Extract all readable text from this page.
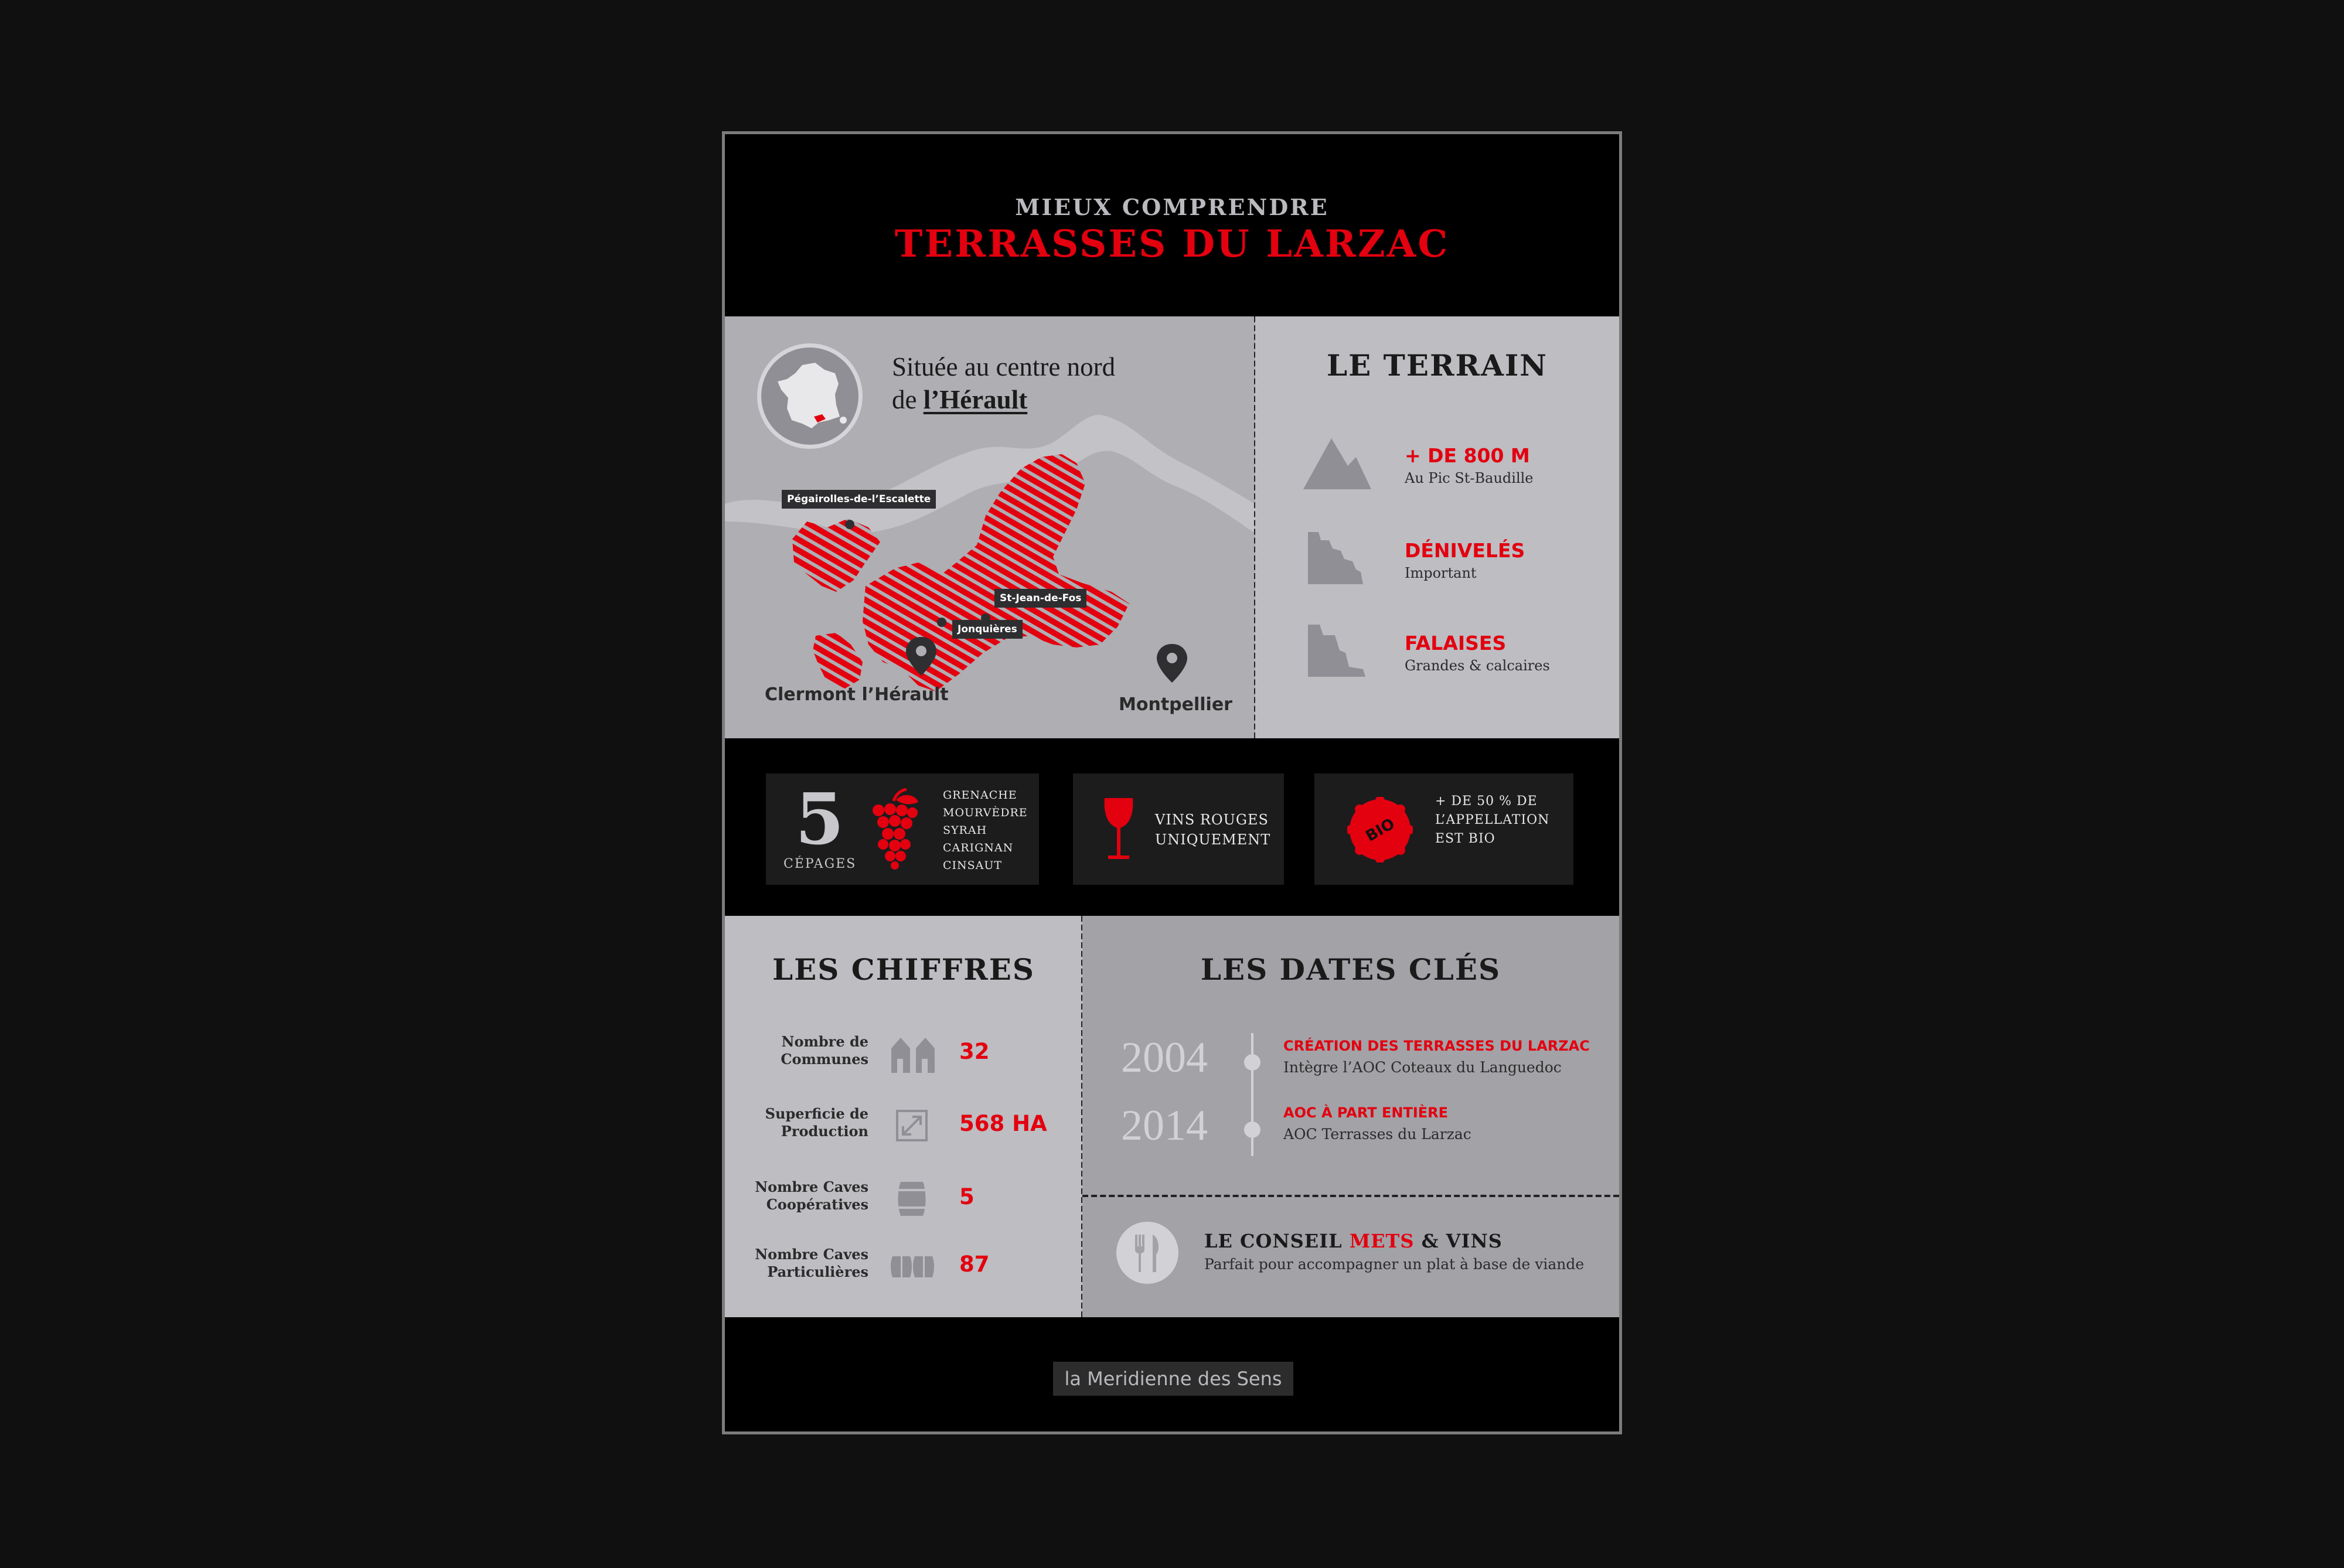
MIEUX COMPRENDRE
TERRASSES DU LARZAC
Située au centre nord
de l’Hérault
Pégairolles-de-l’Escalette
St-Jean-de-Fos
Jonquières
Clermont l’Hérault	Montpellier
LE TERRAIN
+ DE 800 M
Au Pic St-Baudille
DÉNIVELÉS
Important
FALAISES
Grandes & calcaires
5
CÉPAGES
GRENACHE
MOURVÈDRE
SYRAH
CARIGNAN
CINSAUT
VINS ROUGES
UNIQUEMENT	BIO
+ DE 50 % DE
L’APPELLATION
EST BIO
LES CHIFFRES
Nombre de
Communes	32
Superficie de
Production	568 HA
Nombre Caves
Coopératives	5
Nombre Caves
Particulières	87
LES DATES CLÉS
2004	CRÉATION DES TERRASSES DU LARZAC
Intègre l’AOC Coteaux du Languedoc
2014	AOC À PART ENTIÈRE
AOC Terrasses du Larzac
LE CONSEIL METS & VINS
Parfait pour accompagner un plat à base de viande
la Meridienne des Sens
